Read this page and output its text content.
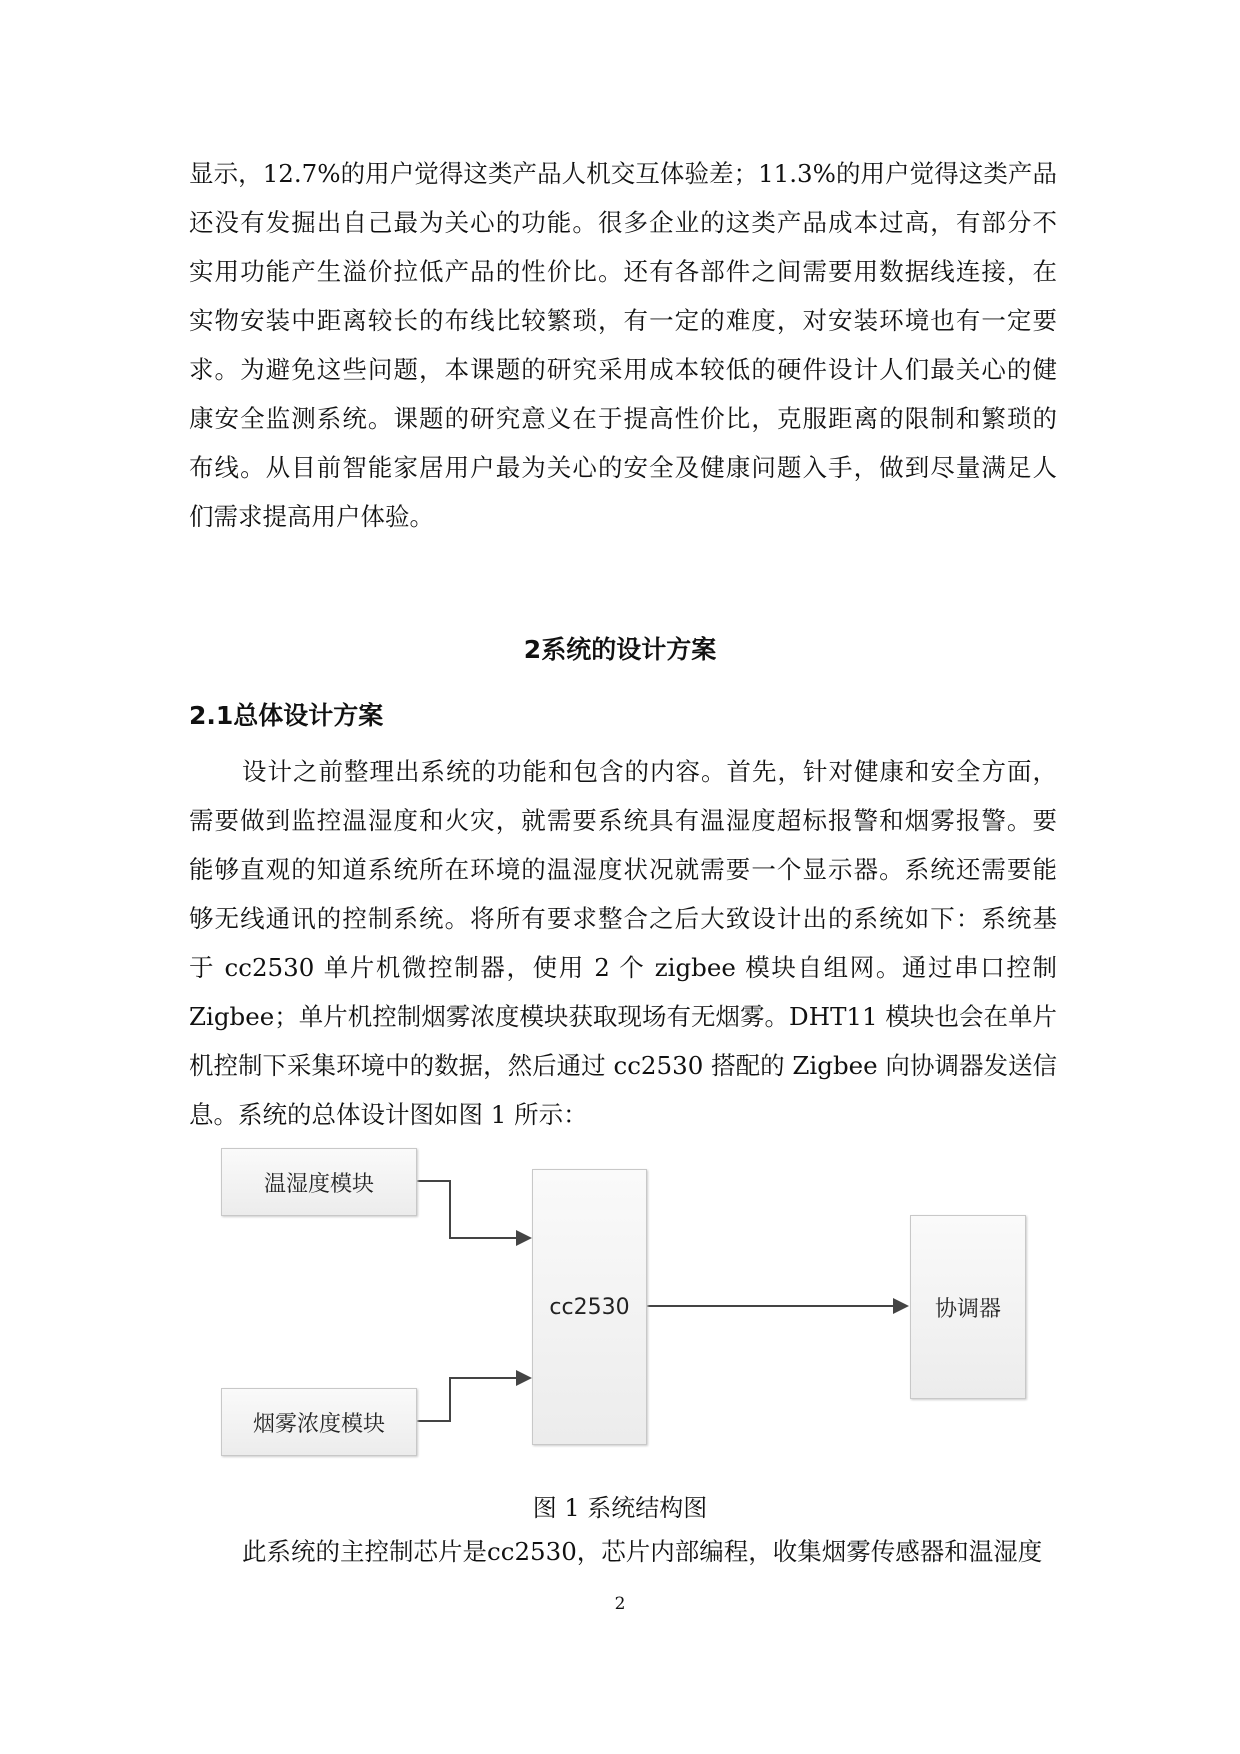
显示，12.7%的用户觉得这类产品人机交互体验差；11.3%的用户觉得这类产品
还没有发掘出自己最为关心的功能。很多企业的这类产品成本过高，有部分不
实用功能产生溢价拉低产品的性价比。还有各部件之间需要用数据线连接，在
实物安装中距离较长的布线比较繁琐，有一定的难度，对安装环境也有一定要
求。为避免这些问题，本课题的研究采用成本较低的硬件设计人们最关心的健
康安全监测系统。课题的研究意义在于提高性价比，克服距离的限制和繁琐的
布线。从目前智能家居用户最为关心的安全及健康问题入手，做到尽量满足人
们需求提高用户体验。
2系统的设计方案
2.1总体设计方案
设计之前整理出系统的功能和包含的内容。首先，针对健康和安全方面，
需要做到监控温湿度和火灾，就需要系统具有温湿度超标报警和烟雾报警。要
能够直观的知道系统所在环境的温湿度状况就需要一个显示器。系统还需要能
够无线通讯的控制系统。将所有要求整合之后大致设计出的系统如下：系统基
于 cc2530 单片机微控制器，使用 2 个 zigbee 模块自组网。通过串口控制
Zigbee；单片机控制烟雾浓度模块获取现场有无烟雾。DHT11 模块也会在单片
机控制下采集环境中的数据，然后通过 cc2530 搭配的 Zigbee 向协调器发送信
息。系统的总体设计图如图 1 所示：
温湿度模块
烟雾浓度模块
cc2530	协调器
图 1 系统结构图
此系统的主控制芯片是cc2530，芯片内部编程，收集烟雾传感器和温湿度
2
